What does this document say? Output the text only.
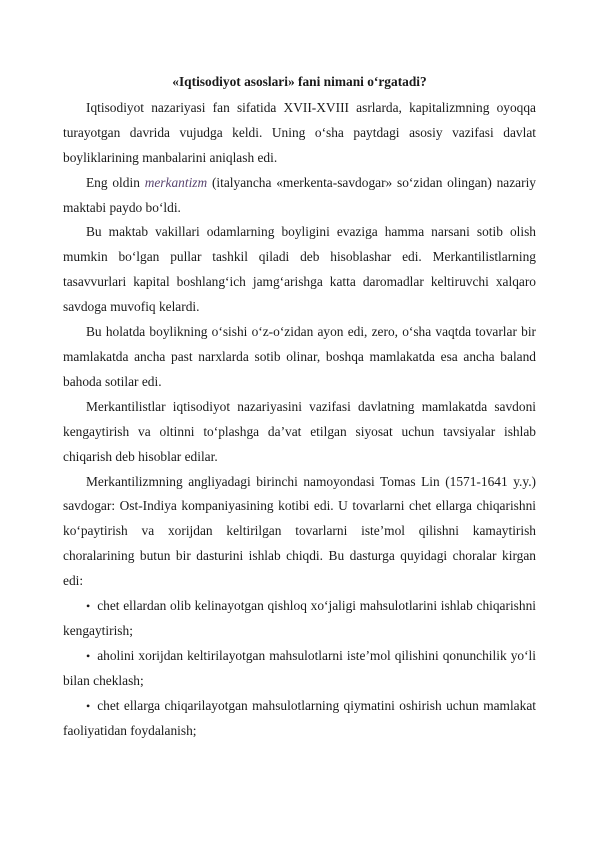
«Iqtisodiyot asoslari» fani nimani o‘rgatadi?

Iqtisodiyot nazariyasi fan sifatida XVII-XVIII asrlarda, kapitalizmning oyoqqa turayotgan davrida vujudga keldi. Uning o‘sha paytdagi asosiy vazifasi davlat boyliklarining manbalarini aniqlash edi.

Eng oldin merkantizm (italyancha «merkenta-savdogar» so‘zidan olingan) nazariy maktabi paydo bo‘ldi.

Bu maktab vakillari odamlarning boyligini evaziga hamma narsani sotib olish mumkin bo‘lgan pullar tashkil qiladi deb hisoblashar edi. Merkantilistlarning tasavvurlari kapital boshlang‘ich jamg‘arishga katta daromadlar keltiruvchi xalqaro savdoga muvofiq kelardi.

Bu holatda boylikning o‘sishi o‘z-o‘zidan ayon edi, zero, o‘sha vaqtda tovarlar bir mamlakatda ancha past narxlarda sotib olinar, boshqa mamlakatda esa ancha baland bahoda sotilar edi.

Merkantilistlar iqtisodiyot nazariyasini vazifasi davlatning mamlakatda savdoni kengaytirish va oltinni to‘plashga da’vat etilgan siyosat uchun tavsiyalar ishlab chiqarish deb hisoblar edilar.

Merkantilizmning angliyadagi birinchi namoyondasi Tomas Lin (1571-1641 y.y.) savdogar: Ost-Indiya kompaniyasining kotibi edi. U tovarlarni chet ellarga chiqarishni ko‘paytirish va xorijdan keltirilgan tovarlarni iste’mol qilishni kamaytirish choralarining butun bir dasturini ishlab chiqdi. Bu dasturga quyidagi choralar kirgan edi:

• chet ellardan olib kelinayotgan qishloq xo‘jaligi mahsulotlarini ishlab chiqarishni kengaytirish;

• aholini xorijdan keltirilayotgan mahsulotlarni iste’mol qilishini qonunchilik yo‘li bilan cheklash;

• chet ellarga chiqarilayotgan mahsulotlarning qiymatini oshirish uchun mamlakat faoliyatidan foydalanish;
